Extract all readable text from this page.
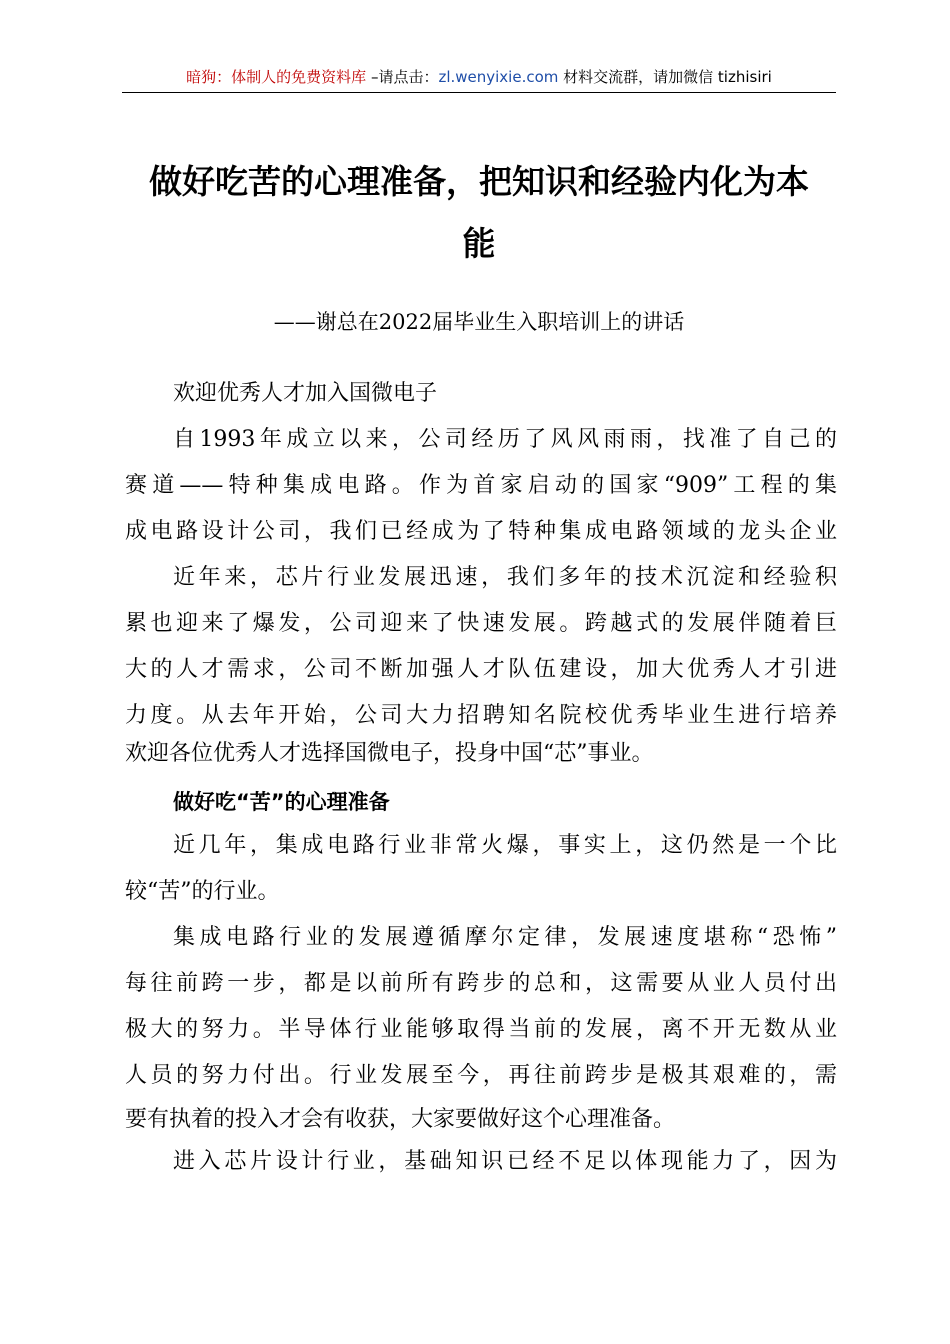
暗狗：体制人的免费资料库 –请点击：zl.wenyixie.com 材料交流群，请加微信 tizhisiri
做好吃苦的心理准备，把知识和经验内化为本
能
——谢总在2022届毕业生入职培训上的讲话
欢迎优秀人才加入国微电子
自1993年成立以来，公司经历了风风雨雨，找准了自己的
赛道——特种集成电路。作为首家启动的国家“909”工程的集
成电路设计公司，我们已经成为了特种集成电路领域的龙头企业
近年来，芯片行业发展迅速，我们多年的技术沉淀和经验积
累也迎来了爆发，公司迎来了快速发展。跨越式的发展伴随着巨
大的人才需求，公司不断加强人才队伍建设，加大优秀人才引进
力度。从去年开始，公司大力招聘知名院校优秀毕业生进行培养
欢迎各位优秀人才选择国微电子，投身中国“芯”事业。
做好吃“苦”的心理准备
近几年，集成电路行业非常火爆，事实上，这仍然是一个比
较“苦”的行业。
集成电路行业的发展遵循摩尔定律，发展速度堪称“恐怖”
每往前跨一步，都是以前所有跨步的总和，这需要从业人员付出
极大的努力。半导体行业能够取得当前的发展，离不开无数从业
人员的努力付出。行业发展至今，再往前跨步是极其艰难的，需
要有执着的投入才会有收获，大家要做好这个心理准备。
进入芯片设计行业，基础知识已经不足以体现能力了，因为
